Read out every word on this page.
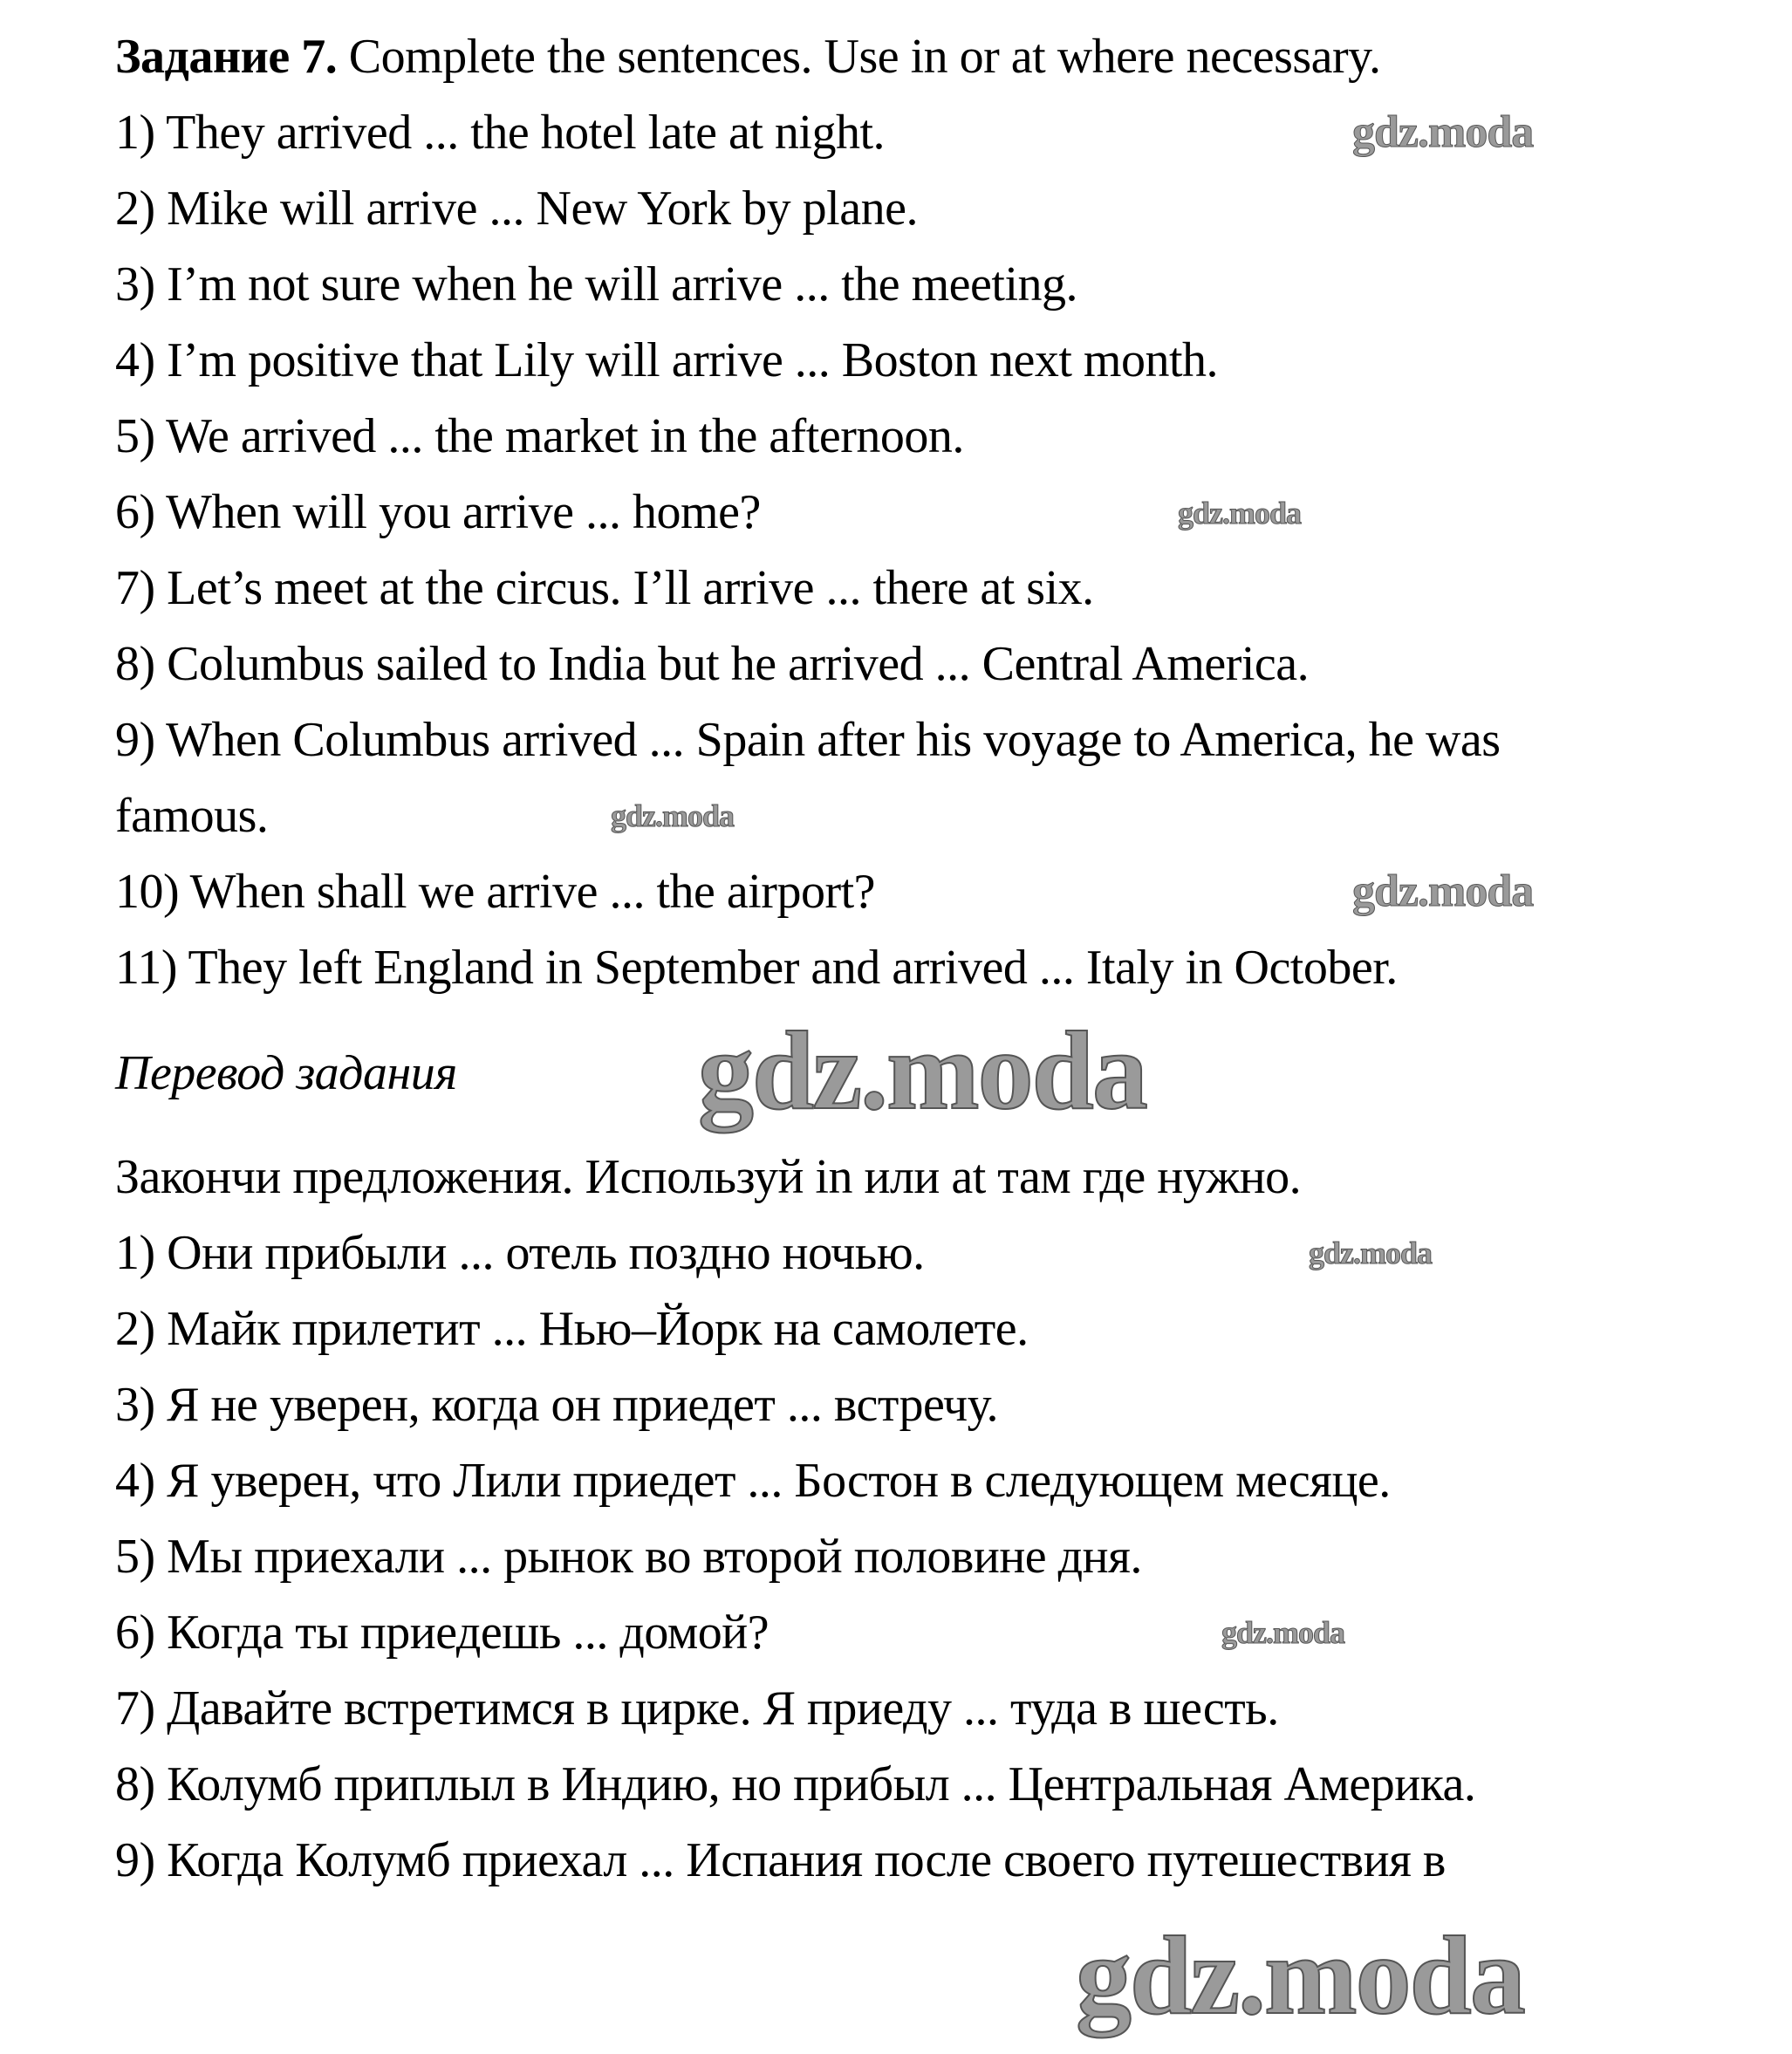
Задание 7. Complete the sentences. Use in or at where necessary.
1) They arrived ... the hotel late at night.
2) Mike will arrive ... New York by plane.
3) I’m not sure when he will arrive ... the meeting.
4) I’m positive that Lily will arrive ... Boston next month.
5) We arrived ... the market in the afternoon.
6) When will you arrive ... home?
7) Let’s meet at the circus. I’ll arrive ... there at six.
8) Columbus sailed to India but he arrived ... Central America.
9) When Columbus arrived ... Spain after his voyage to America, he was
famous.
10) When shall we arrive ... the airport?
11) They left England in September and arrived ... Italy in October.
Перевод задания
Закончи предложения. Используй in или at там где нужно.
1) Они прибыли ... отель поздно ночью.
2) Майк прилетит ... Нью–Йорк на самолете.
3) Я не уверен, когда он приедет ... встречу.
4) Я уверен, что Лили приедет ... Бостон в следующем месяце.
5) Мы приехали ... рынок во второй половине дня.
6) Когда ты приедешь ... домой?
7) Давайте встретимся в цирке. Я приеду ... туда в шесть.
8) Колумб приплыл в Индию, но прибыл ... Центральная Америка.
9) Когда Колумб приехал ... Испания после своего путешествия в
gdz.moda
gdz.moda
gdz.moda
gdz.moda
gdz.moda
gdz.moda
gdz.moda
gdz.moda
